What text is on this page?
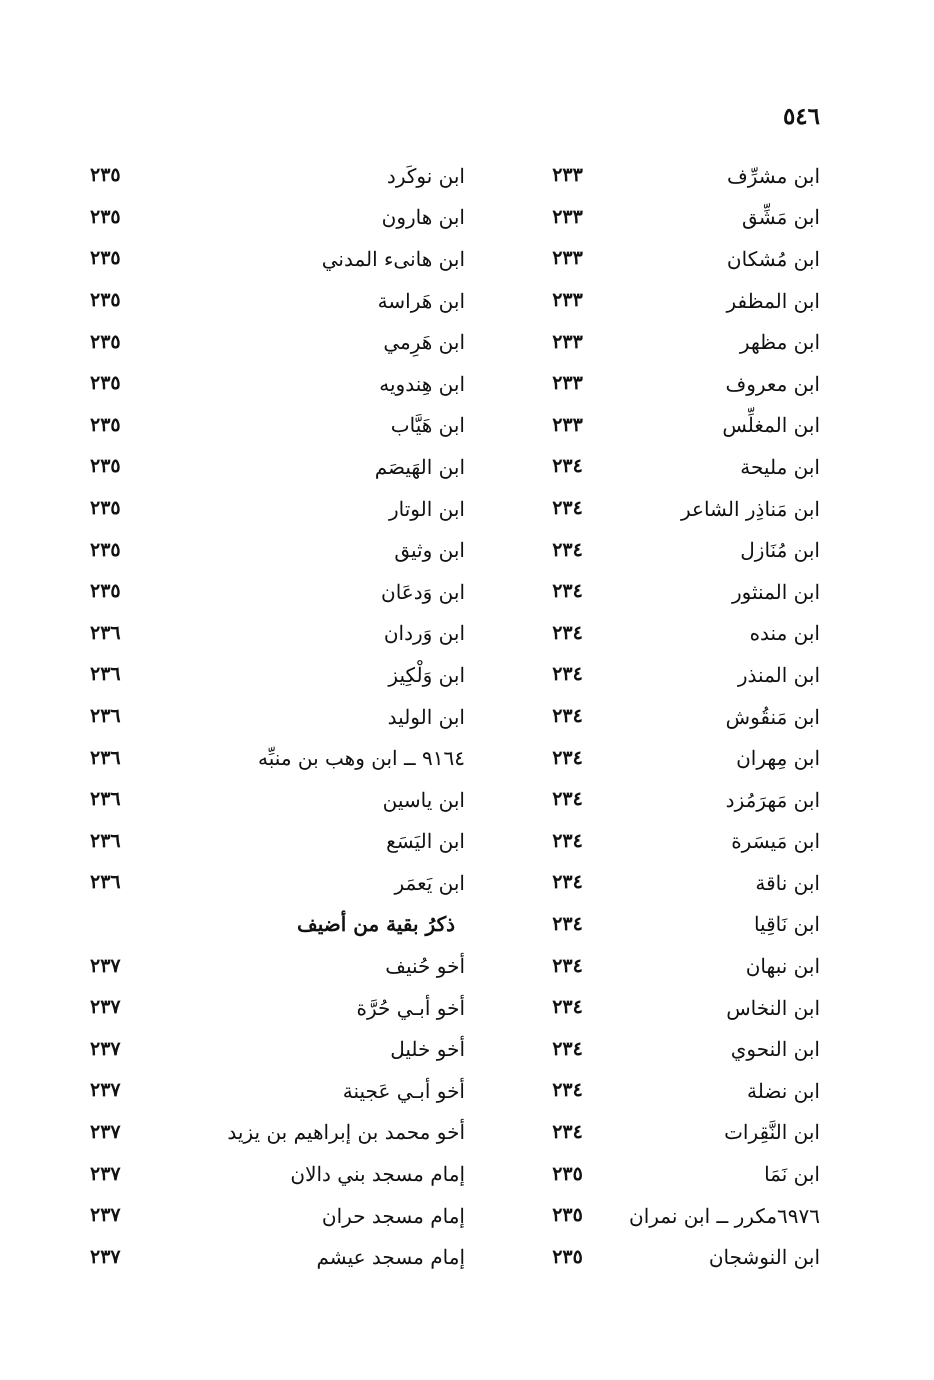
٥٤٦
ابن مشرِّف
٢٣٣
ابن نوكَرد
٢٣٥
ابن مَشِّق
٢٣٣
ابن هارون
٢٣٥
ابن مُشكان
٢٣٣
ابن هانىء المدني
٢٣٥
ابن المظفر
٢٣٣
ابن هَراسة
٢٣٥
ابن مظهر
٢٣٣
ابن هَرِمي
٢٣٥
ابن معروف
٢٣٣
ابن هِندويه
٢٣٥
ابن المغلِّس
٢٣٣
ابن هَيَّاب
٢٣٥
ابن مليحة
٢٣٤
ابن الهَيصَم
٢٣٥
ابن مَناذِر الشاعر
٢٣٤
ابن الوتار
٢٣٥
ابن مُنَازل
٢٣٤
ابن وثيق
٢٣٥
ابن المنثور
٢٣٤
ابن وَدعَان
٢٣٥
ابن منده
٢٣٤
ابن وَردان
٢٣٦
ابن المنذر
٢٣٤
ابن وَلْكِيز
٢٣٦
ابن مَنقُوش
٢٣٤
ابن الوليد
٢٣٦
ابن مِهران
٢٣٤
٩١٦٤ ــ ابن وهب بن منبِّه
٢٣٦
ابن مَهرَمُزد
٢٣٤
ابن ياسين
٢٣٦
ابن مَيسَرة
٢٣٤
ابن اليَسَع
٢٣٦
ابن ناقة
٢٣٤
ابن يَعمَر
٢٣٦
ابن نَاقِيا
٢٣٤
ذكرُ بقية من أضيف
ابن نبهان
٢٣٤
أخو حُنيف
٢٣٧
ابن النخاس
٢٣٤
أخو أبـي حُرَّة
٢٣٧
ابن النحوي
٢٣٤
أخو خليل
٢٣٧
ابن نضلة
٢٣٤
أخو أبـي عَجينة
٢٣٧
ابن النَّقِرات
٢٣٤
أخو محمد بن إبراهيم بن يزيد
٢٣٧
ابن نَمَا
٢٣٥
إمام مسجد بني دالان
٢٣٧
٦٩٧٦مكرر ــ ابن نمران
٢٣٥
إمام مسجد حران
٢٣٧
ابن النوشجان
٢٣٥
إمام مسجد عيشم
٢٣٧
